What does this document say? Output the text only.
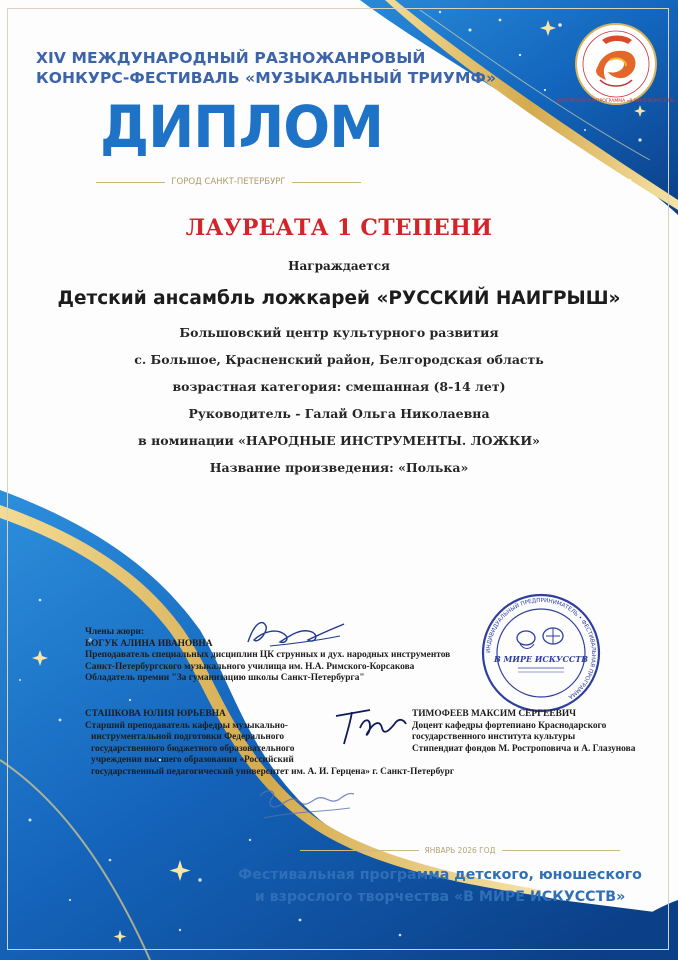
XIV МЕЖДУНАРОДНЫЙ РАЗНОЖАНРОВЫЙ
КОНКУРС-ФЕСТИВАЛЬ «МУЗЫКАЛЬНЫЙ ТРИУМФ»
ДИПЛОМ
ГОРОД САНКТ-ПЕТЕРБУРГ
ФЕСТИВАЛЬНАЯ ПРОГРАММА «В МИРЕ ИСКУССТВ»
ЛАУРЕАТА 1 СТЕПЕНИ
Награждается
Детский ансамбль ложкарей «РУССКИЙ НАИГРЫШ»
Большовский центр культурного развития
с. Большое, Красненский район, Белгородская область
возрастная категория: смешанная (8-14 лет)
Руководитель - Галай Ольга Николаевна
в номинации «НАРОДНЫЕ ИНСТРУМЕНТЫ. ЛОЖКИ»
Название произведения: «Полька»
ИНДИВИДУАЛЬНЫЙ ПРЕДПРИНИМАТЕЛЬ • ФЕСТИВАЛЬНАЯ ПРОГРАММА
В МИРЕ ИСКУССТВ
Члены жюри:
БОГУК АЛИНА ИВАНОВНА
Преподаватель специальных дисциплин ЦК струнных и дух. народных инструментов
Санкт-Петербургского музыкального училища им. Н.А. Римского-Корсакова
Обладатель премии "За гуманизацию школы Санкт-Петербурга"
СТАШКОВА ЮЛИЯ ЮРЬЕВНА
Старший преподаватель кафедры музыкально-
инструментальной подготовки Федерального
государственного бюджетного образовательного
учреждения высшего образования «Российский
государственный педагогический университет им. А. И. Герцена» г. Санкт-Петербург
ТИМОФЕЕВ МАКСИМ СЕРГЕЕВИЧ
Доцент кафедры фортепиано Краснодарского
государственного института культуры
Стипендиат фондов М. Ростроповича и А. Глазунова
ЯНВАРЬ 2026 ГОД
Фестивальная программа детского, юношеского
и взрослого творчества «В МИРЕ ИСКУССТВ»
